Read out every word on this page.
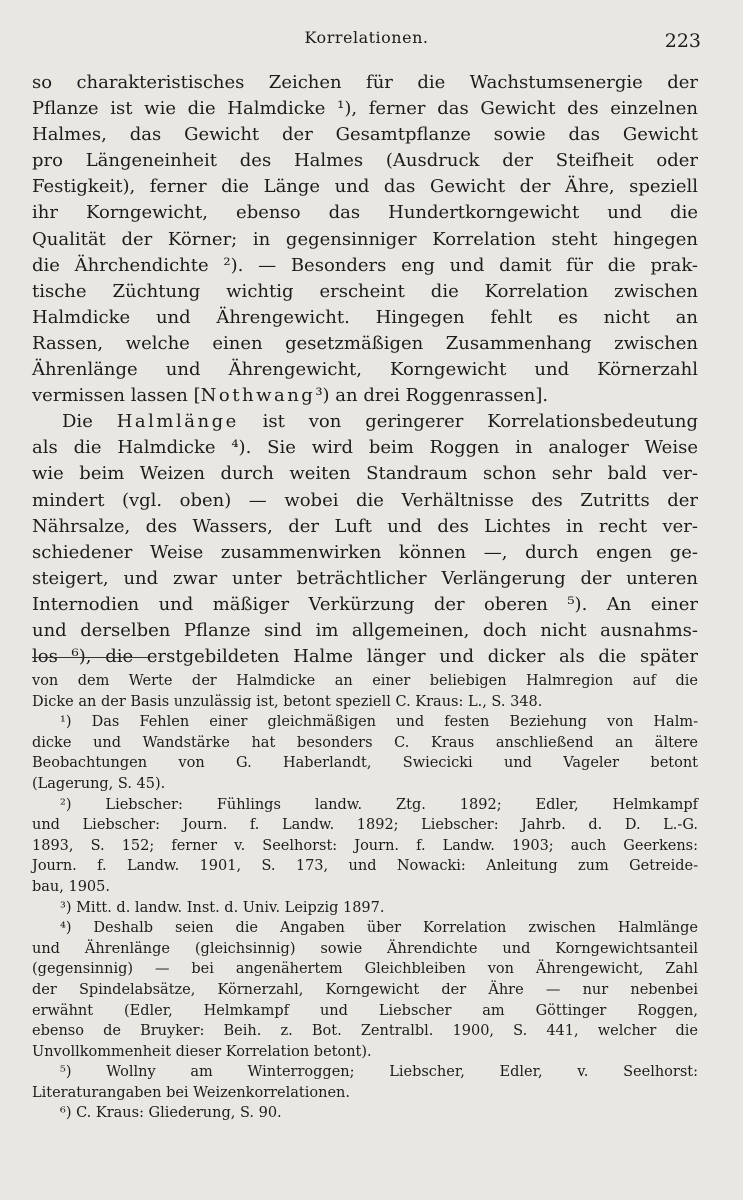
Korrelationen.	223

so charakteristisches Zeichen für die Wachstumsenergie der
Pflanze ist wie die Halmdicke ¹), ferner das Gewicht des einzelnen
Halmes, das Gewicht der Gesamtpflanze sowie das Gewicht
pro Längeneinheit des Halmes (Ausdruck der Steifheit oder
Festigkeit), ferner die Länge und das Gewicht der Ähre, speziell
ihr Korngewicht, ebenso das Hundertkorngewicht und die
Qualität der Körner; in gegensinniger Korrelation steht hingegen
die Ährchendichte ²). — Besonders eng und damit für die prak-
tische Züchtung wichtig erscheint die Korrelation zwischen
Halmdicke und Ährengewicht. Hingegen fehlt es nicht an
Rassen, welche einen gesetzmäßigen Zusammenhang zwischen
Ährenlänge und Ährengewicht, Korngewicht und Körnerzahl
vermissen lassen [Nothwang³) an drei Roggenrassen].

Die Halmlänge ist von geringerer Korrelationsbedeutung
als die Halmdicke ⁴). Sie wird beim Roggen in analoger Weise
wie beim Weizen durch weiten Standraum schon sehr bald ver-
mindert (vgl. oben) — wobei die Verhältnisse des Zutritts der
Nährsalze, des Wassers, der Luft und des Lichtes in recht ver-
schiedener Weise zusammenwirken können —, durch engen ge-
steigert, und zwar unter beträchtlicher Verlängerung der unteren
Internodien und mäßiger Verkürzung der oberen ⁵). An einer
und derselben Pflanze sind im allgemeinen, doch nicht ausnahms-
los ⁶), die erstgebildeten Halme länger und dicker als die später

von dem Werte der Halmdicke an einer beliebigen Halmregion auf die
Dicke an der Basis unzulässig ist, betont speziell C. Kraus: L., S. 348.
¹) Das Fehlen einer gleichmäßigen und festen Beziehung von Halm-
dicke und Wandstärke hat besonders C. Kraus anschließend an ältere
Beobachtungen von G. Haberlandt, Swiecicki und Vageler betont
(Lagerung, S. 45).
²) Liebscher: Fühlings landw. Ztg. 1892; Edler, Helmkampf
und Liebscher: Journ. f. Landw. 1892; Liebscher: Jahrb. d. D. L.-G.
1893, S. 152; ferner v. Seelhorst: Journ. f. Landw. 1903; auch Geerkens:
Journ. f. Landw. 1901, S. 173, und Nowacki: Anleitung zum Getreide-
bau, 1905.
³) Mitt. d. landw. Inst. d. Univ. Leipzig 1897.
⁴) Deshalb seien die Angaben über Korrelation zwischen Halmlänge
und Ährenlänge (gleichsinnig) sowie Ährendichte und Korngewichtsanteil
(gegensinnig) — bei angenähertem Gleichbleiben von Ährengewicht, Zahl
der Spindelabsätze, Körnerzahl, Korngewicht der Ähre — nur nebenbei
erwähnt (Edler, Helmkampf und Liebscher am Göttinger Roggen,
ebenso de Bruyker: Beih. z. Bot. Zentralbl. 1900, S. 441, welcher die
Unvollkommenheit dieser Korrelation betont).
⁵) Wollny am Winterroggen; Liebscher, Edler, v. Seelhorst:
Literaturangaben bei Weizenkorrelationen.
⁶) C. Kraus: Gliederung, S. 90.
